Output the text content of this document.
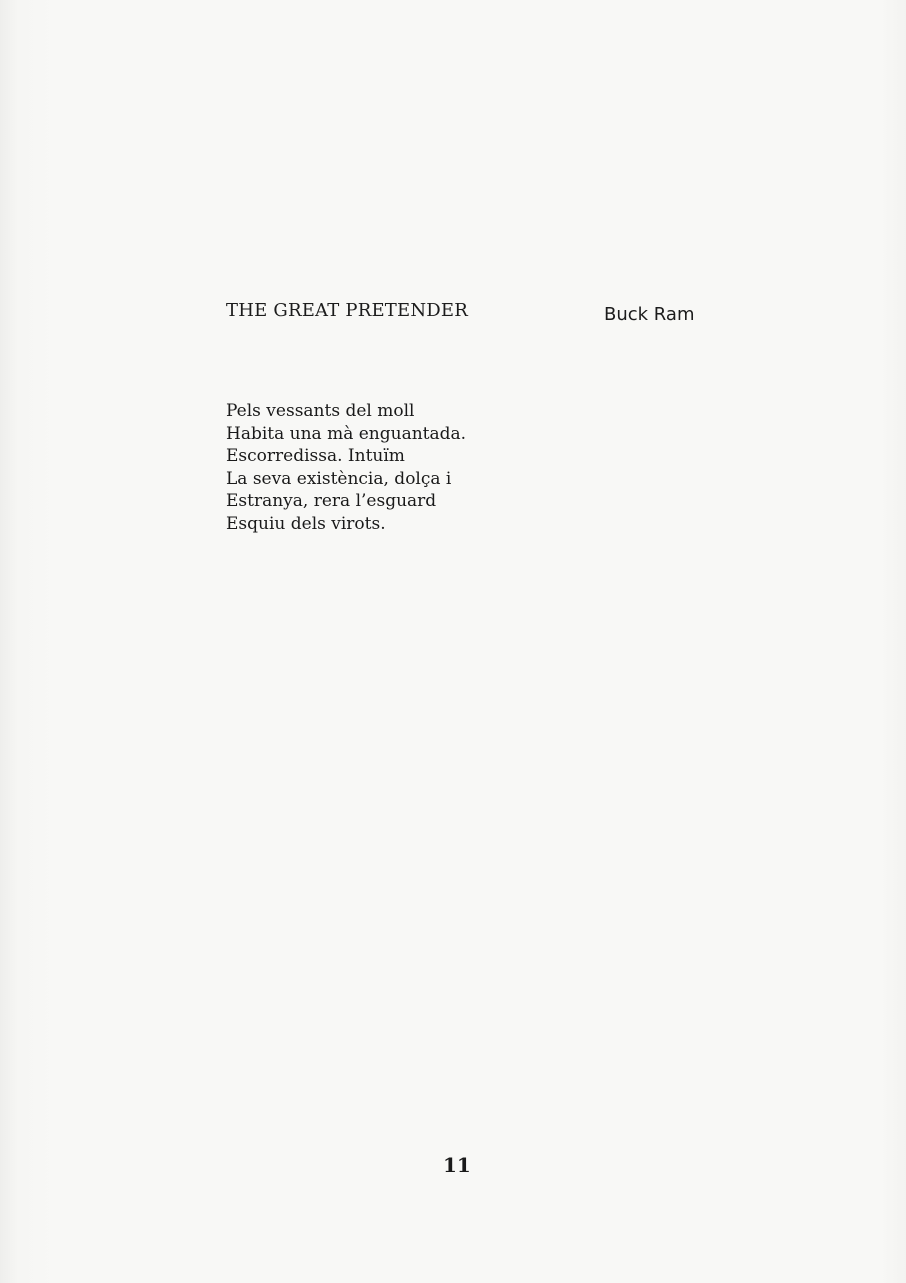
THE GREAT PRETENDER	Buck Ram
Pels vessants del moll
Habita una mà enguantada.
Escorredissa. Intuïm
La seva existència, dolça i
Estranya, rera l’esguard
Esquiu dels virots.
11
